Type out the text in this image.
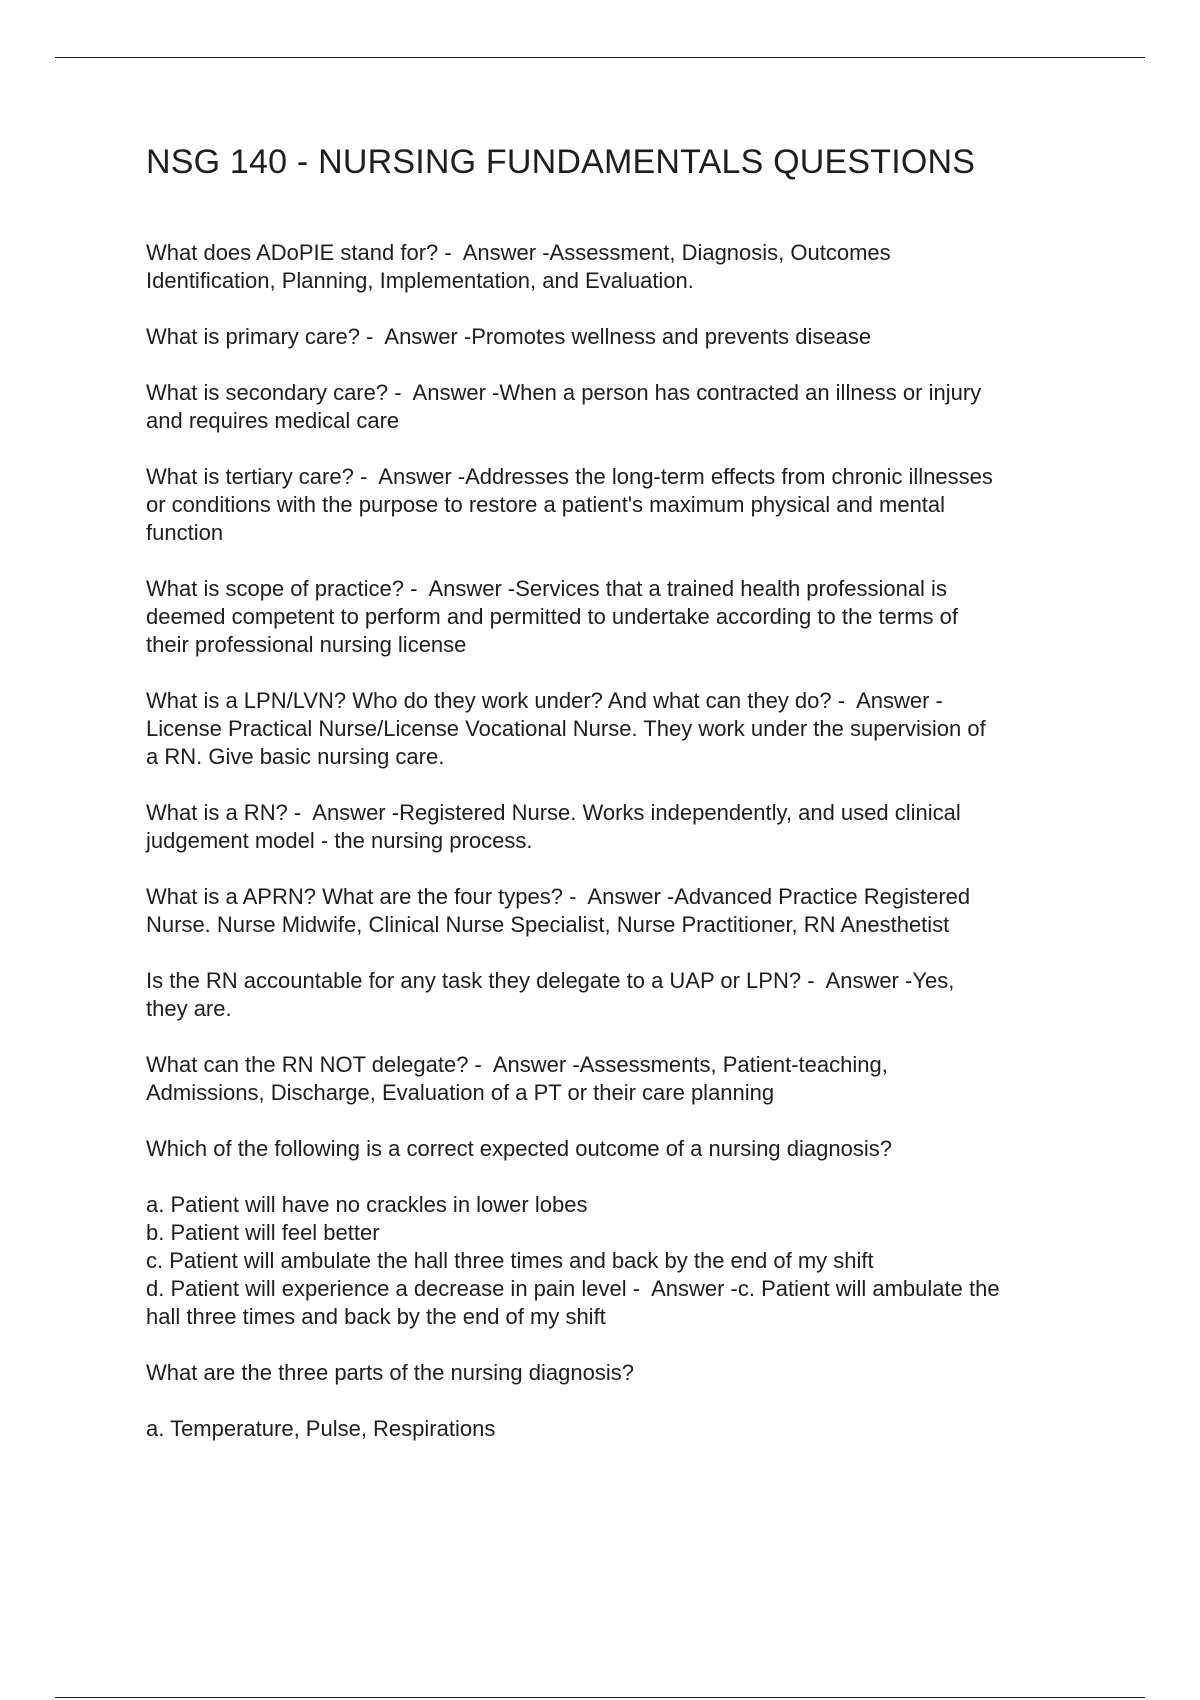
NSG 140 - NURSING FUNDAMENTALS QUESTIONS

What does ADoPIE stand for? -  Answer -Assessment, Diagnosis, Outcomes
Identification, Planning, Implementation, and Evaluation.

What is primary care? -  Answer -Promotes wellness and prevents disease

What is secondary care? -  Answer -When a person has contracted an illness or injury
and requires medical care

What is tertiary care? -  Answer -Addresses the long-term effects from chronic illnesses
or conditions with the purpose to restore a patient's maximum physical and mental
function

What is scope of practice? -  Answer -Services that a trained health professional is
deemed competent to perform and permitted to undertake according to the terms of
their professional nursing license

What is a LPN/LVN? Who do they work under? And what can they do? -  Answer -
License Practical Nurse/License Vocational Nurse. They work under the supervision of
a RN. Give basic nursing care.

What is a RN? -  Answer -Registered Nurse. Works independently, and used clinical
judgement model - the nursing process.

What is a APRN? What are the four types? -  Answer -Advanced Practice Registered
Nurse. Nurse Midwife, Clinical Nurse Specialist, Nurse Practitioner, RN Anesthetist

Is the RN accountable for any task they delegate to a UAP or LPN? -  Answer -Yes,
they are.

What can the RN NOT delegate? -  Answer -Assessments, Patient-teaching,
Admissions, Discharge, Evaluation of a PT or their care planning

Which of the following is a correct expected outcome of a nursing diagnosis?

a. Patient will have no crackles in lower lobes
b. Patient will feel better
c. Patient will ambulate the hall three times and back by the end of my shift
d. Patient will experience a decrease in pain level -  Answer -c. Patient will ambulate the
hall three times and back by the end of my shift

What are the three parts of the nursing diagnosis?

a. Temperature, Pulse, Respirations
